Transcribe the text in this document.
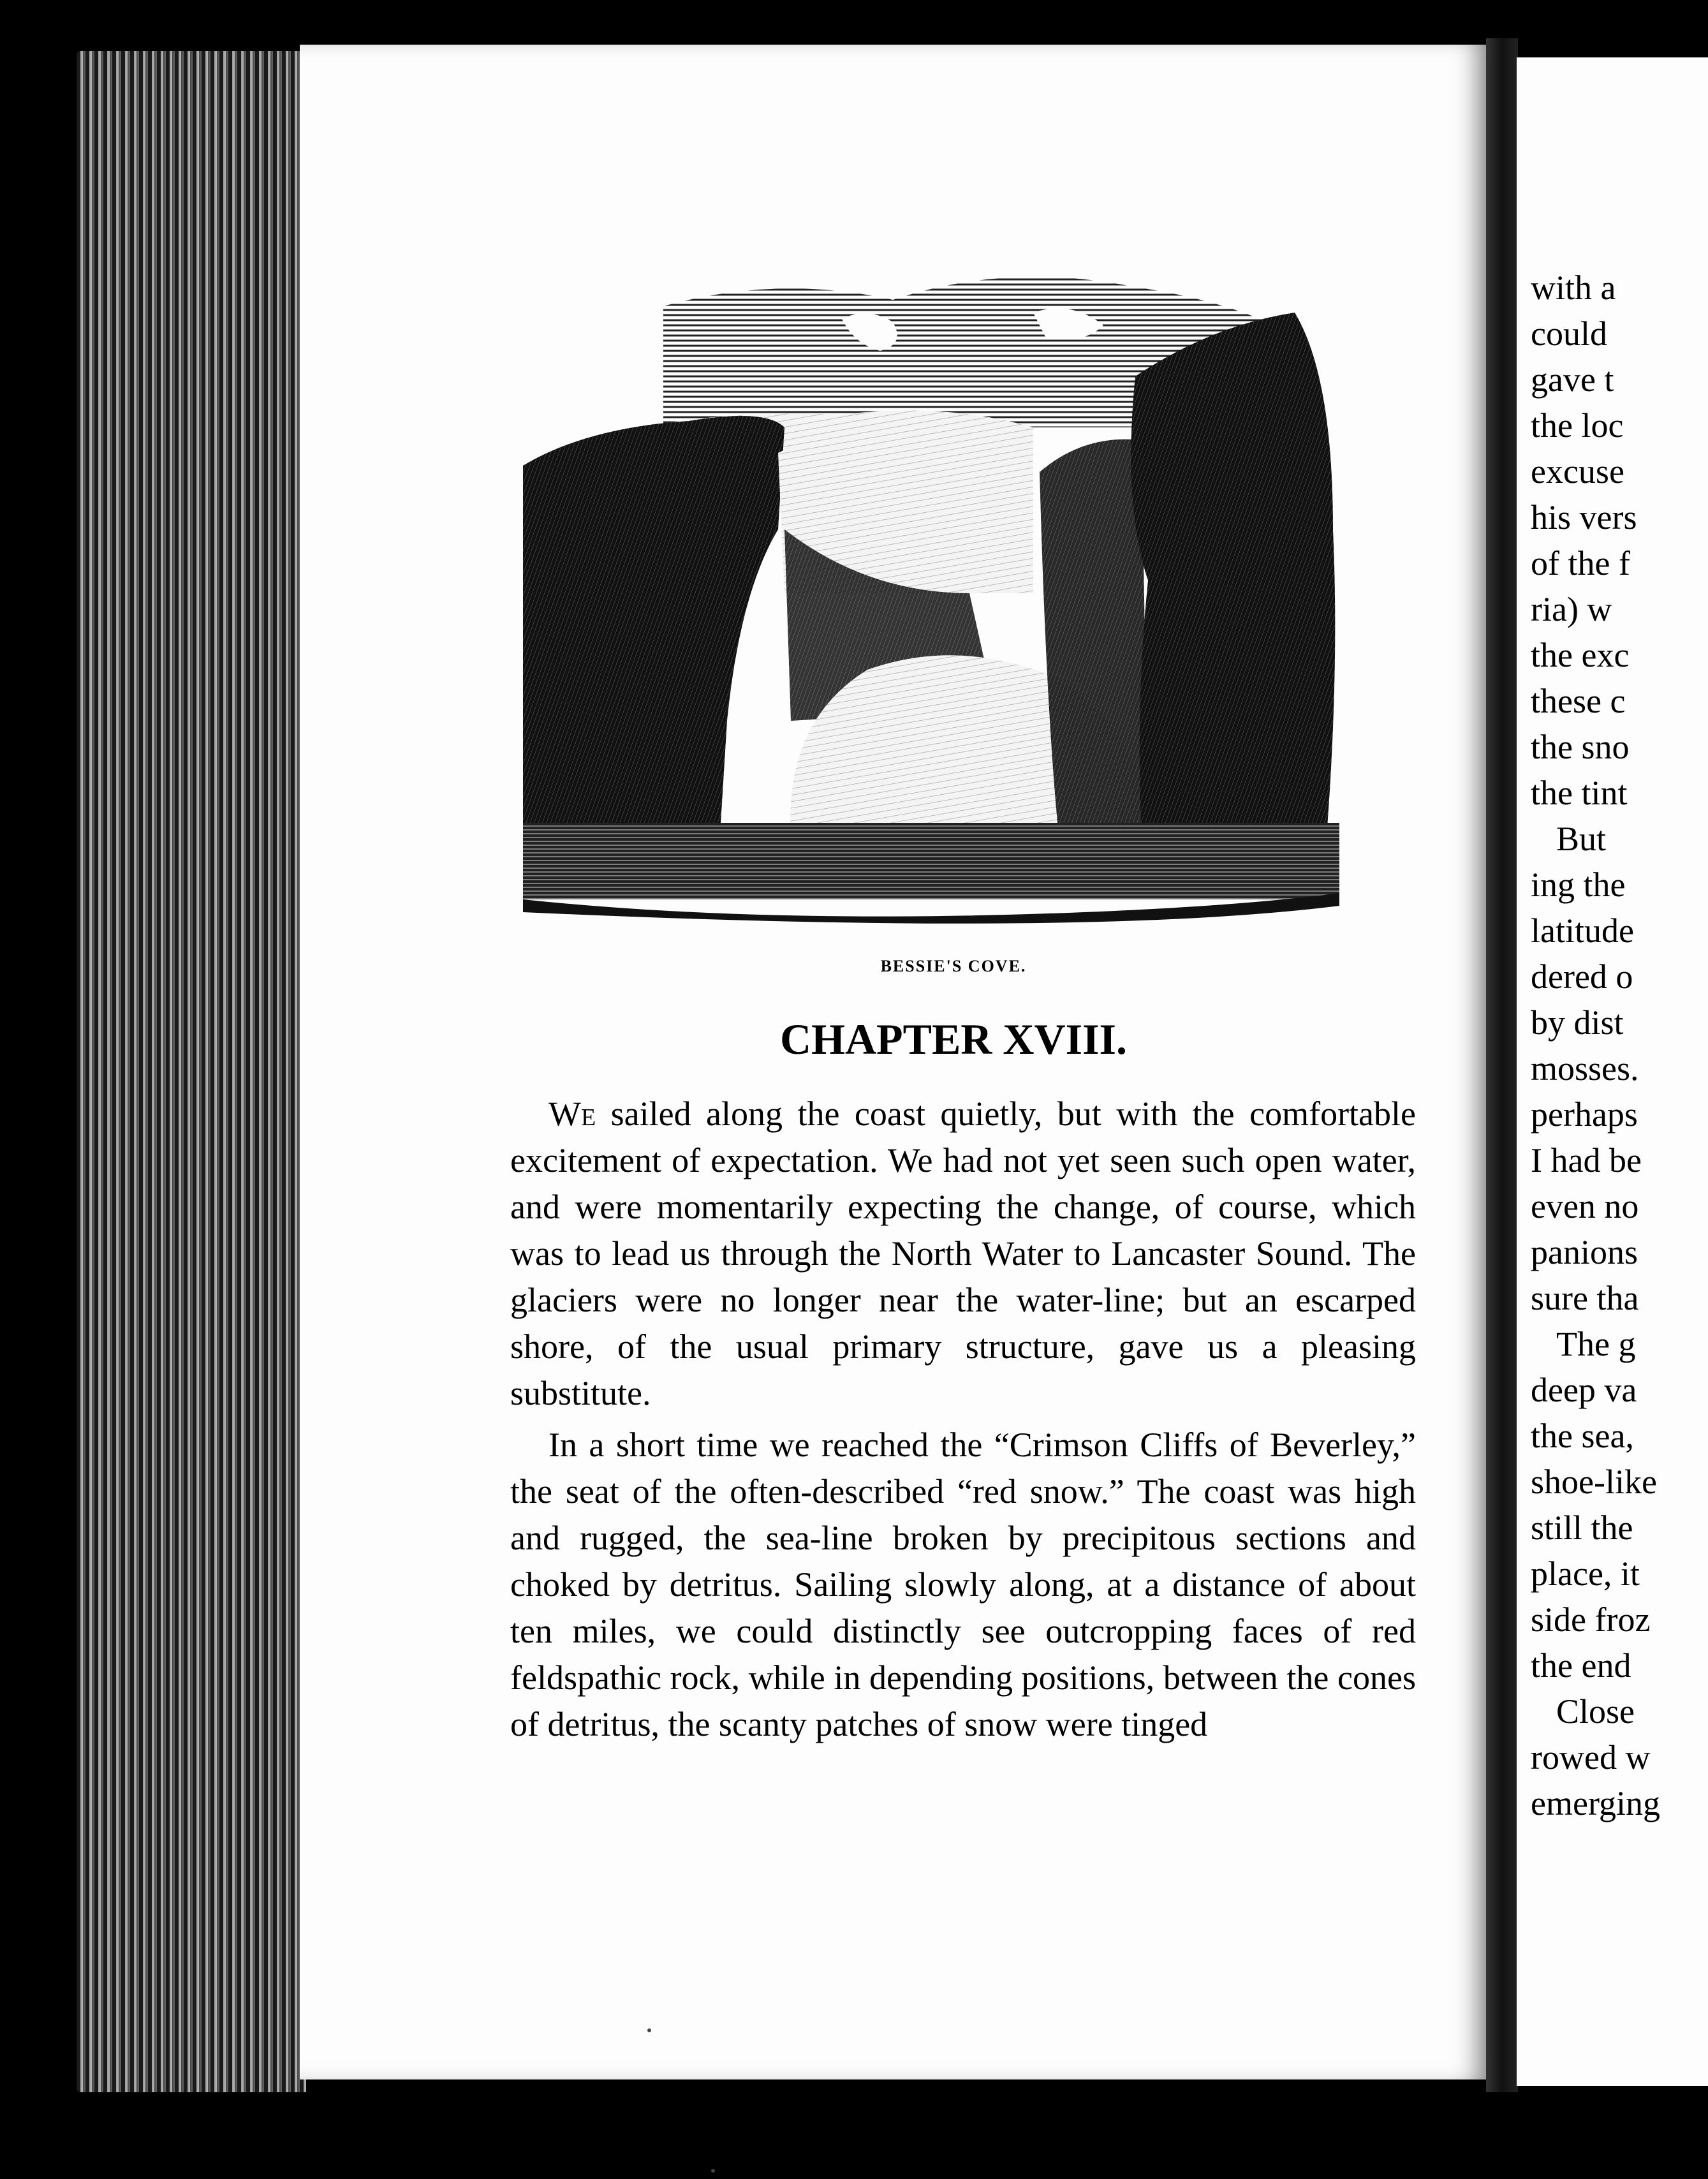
BESSIE'S COVE.
CHAPTER XVIII.

We sailed along the coast quietly, but with the comfortable excitement of expectation. We had not yet seen such open water, and were momentarily expecting the change, of course, which was to lead us through the North Water to Lancaster Sound. The glaciers were no longer near the water-line; but an escarped shore, of the usual primary structure, gave us a pleasing substitute.

In a short time we reached the “Crimson Cliffs of Beverley,” the seat of the often-described “red snow.” The coast was high and rugged, the sea-line broken by precipitous sections and choked by detritus. Sailing slowly along, at a distance of about ten miles, we could distinctly see outcropping faces of red feldspathic rock, while in depending positions, between the cones of detritus, the scanty patches of snow were tinged

with a
could
gave t
the loc
excuse
his vers
of the f
ria) w
the exc
these c
the sno
the tint
But
ing the
latitude
dered o
by dist
mosses.
perhaps
I had be
even no
panions
sure tha
The g
deep va
the sea,
shoe-like
still the
place, it
side froz
the end
Close
rowed w
emerging
